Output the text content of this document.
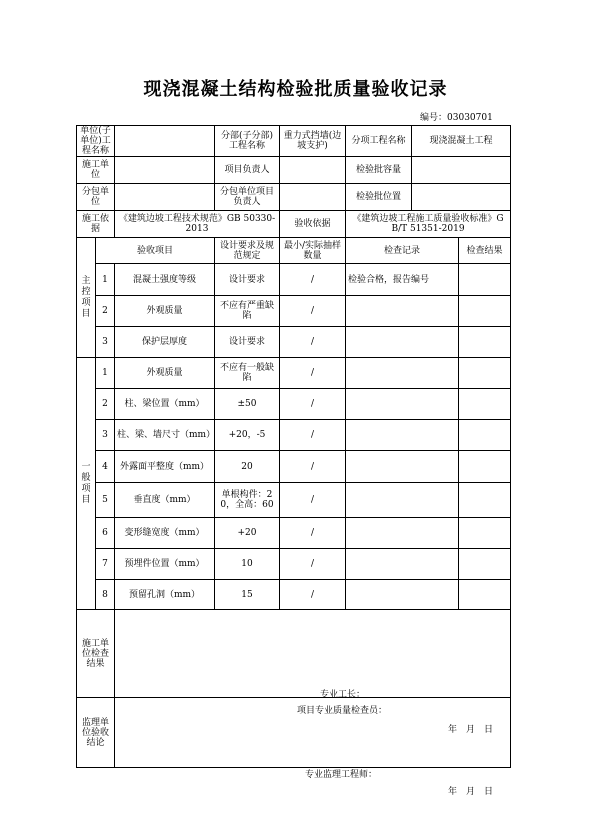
现浇混凝土结构检验批质量验收记录
编号：03030701
单位(子单位)工程名称			分部(子分部)工程名称	重力式挡墙(边坡支护)	分项工程名称	现浇混凝土工程	
施工单位			项目负责人		检验批容量		
分包单位			分包单位项目负责人		检验批位置		
施工依据		《建筑边坡工程技术规范》GB 50330-2013		验收依据	《建筑边坡工程施工质量验收标准》GB/T 51351-2019		

主控项目	验收项目		设计要求及规范规定	最小/实际抽样数量	检查记录		检查结果
	1	混凝土强度等级	设计要求	/	检验合格，报告编号		
	2	外观质量	不应有严重缺陷	/			
	3	保护层厚度	设计要求	/			

一般项目	1	外观质量	不应有一般缺陷	/			
	2	柱、梁位置（mm）	±50	/			
	3	柱、梁、墙尺寸（mm）	+20，-5	/			
	4	外露面平整度（mm）	20	/			
	5	垂直度（mm）	单根构件：20，全高：60	/			
	6	变形缝宽度（mm）	+20	/			
	7	预埋件位置（mm）	10	/			
	8	预留孔洞（mm）	15	/			
施工单位检查结果		专业工长：
项目专业质量检查员：
年　月　日					

监理单位验收结论		专业监理工程师：
年　月　日					
